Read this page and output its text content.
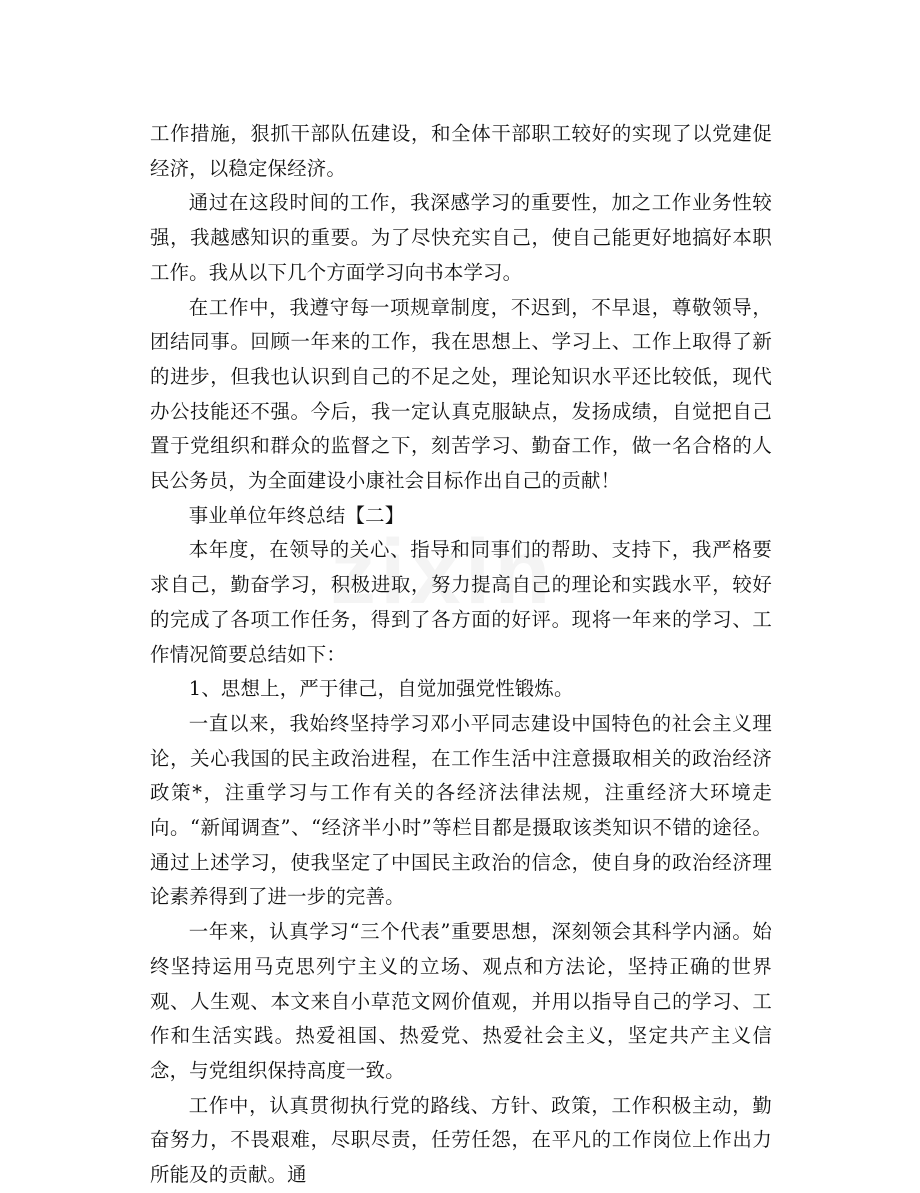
工作措施，狠抓干部队伍建设，和全体干部职工较好的实现了以党建促经济，以稳定保经济。

通过在这段时间的工作，我深感学习的重要性，加之工作业务性较强，我越感知识的重要。为了尽快充实自己，使自己能更好地搞好本职工作。我从以下几个方面学习向书本学习。

在工作中，我遵守每一项规章制度，不迟到，不早退，尊敬领导，团结同事。回顾一年来的工作，我在思想上、学习上、工作上取得了新的进步，但我也认识到自己的不足之处，理论知识水平还比较低，现代办公技能还不强。今后，我一定认真克服缺点，发扬成绩，自觉把自己置于党组织和群众的监督之下，刻苦学习、勤奋工作，做一名合格的人民公务员，为全面建设小康社会目标作出自己的贡献！

事业单位年终总结【二】

本年度，在领导的关心、指导和同事们的帮助、支持下，我严格要求自己，勤奋学习，积极进取，努力提高自己的理论和实践水平，较好的完成了各项工作任务，得到了各方面的好评。现将一年来的学习、工作情况简要总结如下：

1、思想上，严于律己，自觉加强党性锻炼。

一直以来，我始终坚持学习邓小平同志建设中国特色的社会主义理论，关心我国的民主政治进程，在工作生活中注意摄取相关的政治经济政策*，注重学习与工作有关的各经济法律法规，注重经济大环境走向。“新闻调查”、“经济半小时”等栏目都是摄取该类知识不错的途径。通过上述学习，使我坚定了中国民主政治的信念，使自身的政治经济理论素养得到了进一步的完善。

一年来，认真学习“三个代表”重要思想，深刻领会其科学内涵。始终坚持运用马克思列宁主义的立场、观点和方法论，坚持正确的世界观、人生观、本文来自小草范文网价值观，并用以指导自己的学习、工作和生活实践。热爱祖国、热爱党、热爱社会主义，坚定共产主义信念，与党组织保持高度一致。

工作中，认真贯彻执行党的路线、方针、政策，工作积极主动，勤奋努力，不畏艰难，尽职尽责，任劳任怨，在平凡的工作岗位上作出力所能及的贡献。通
